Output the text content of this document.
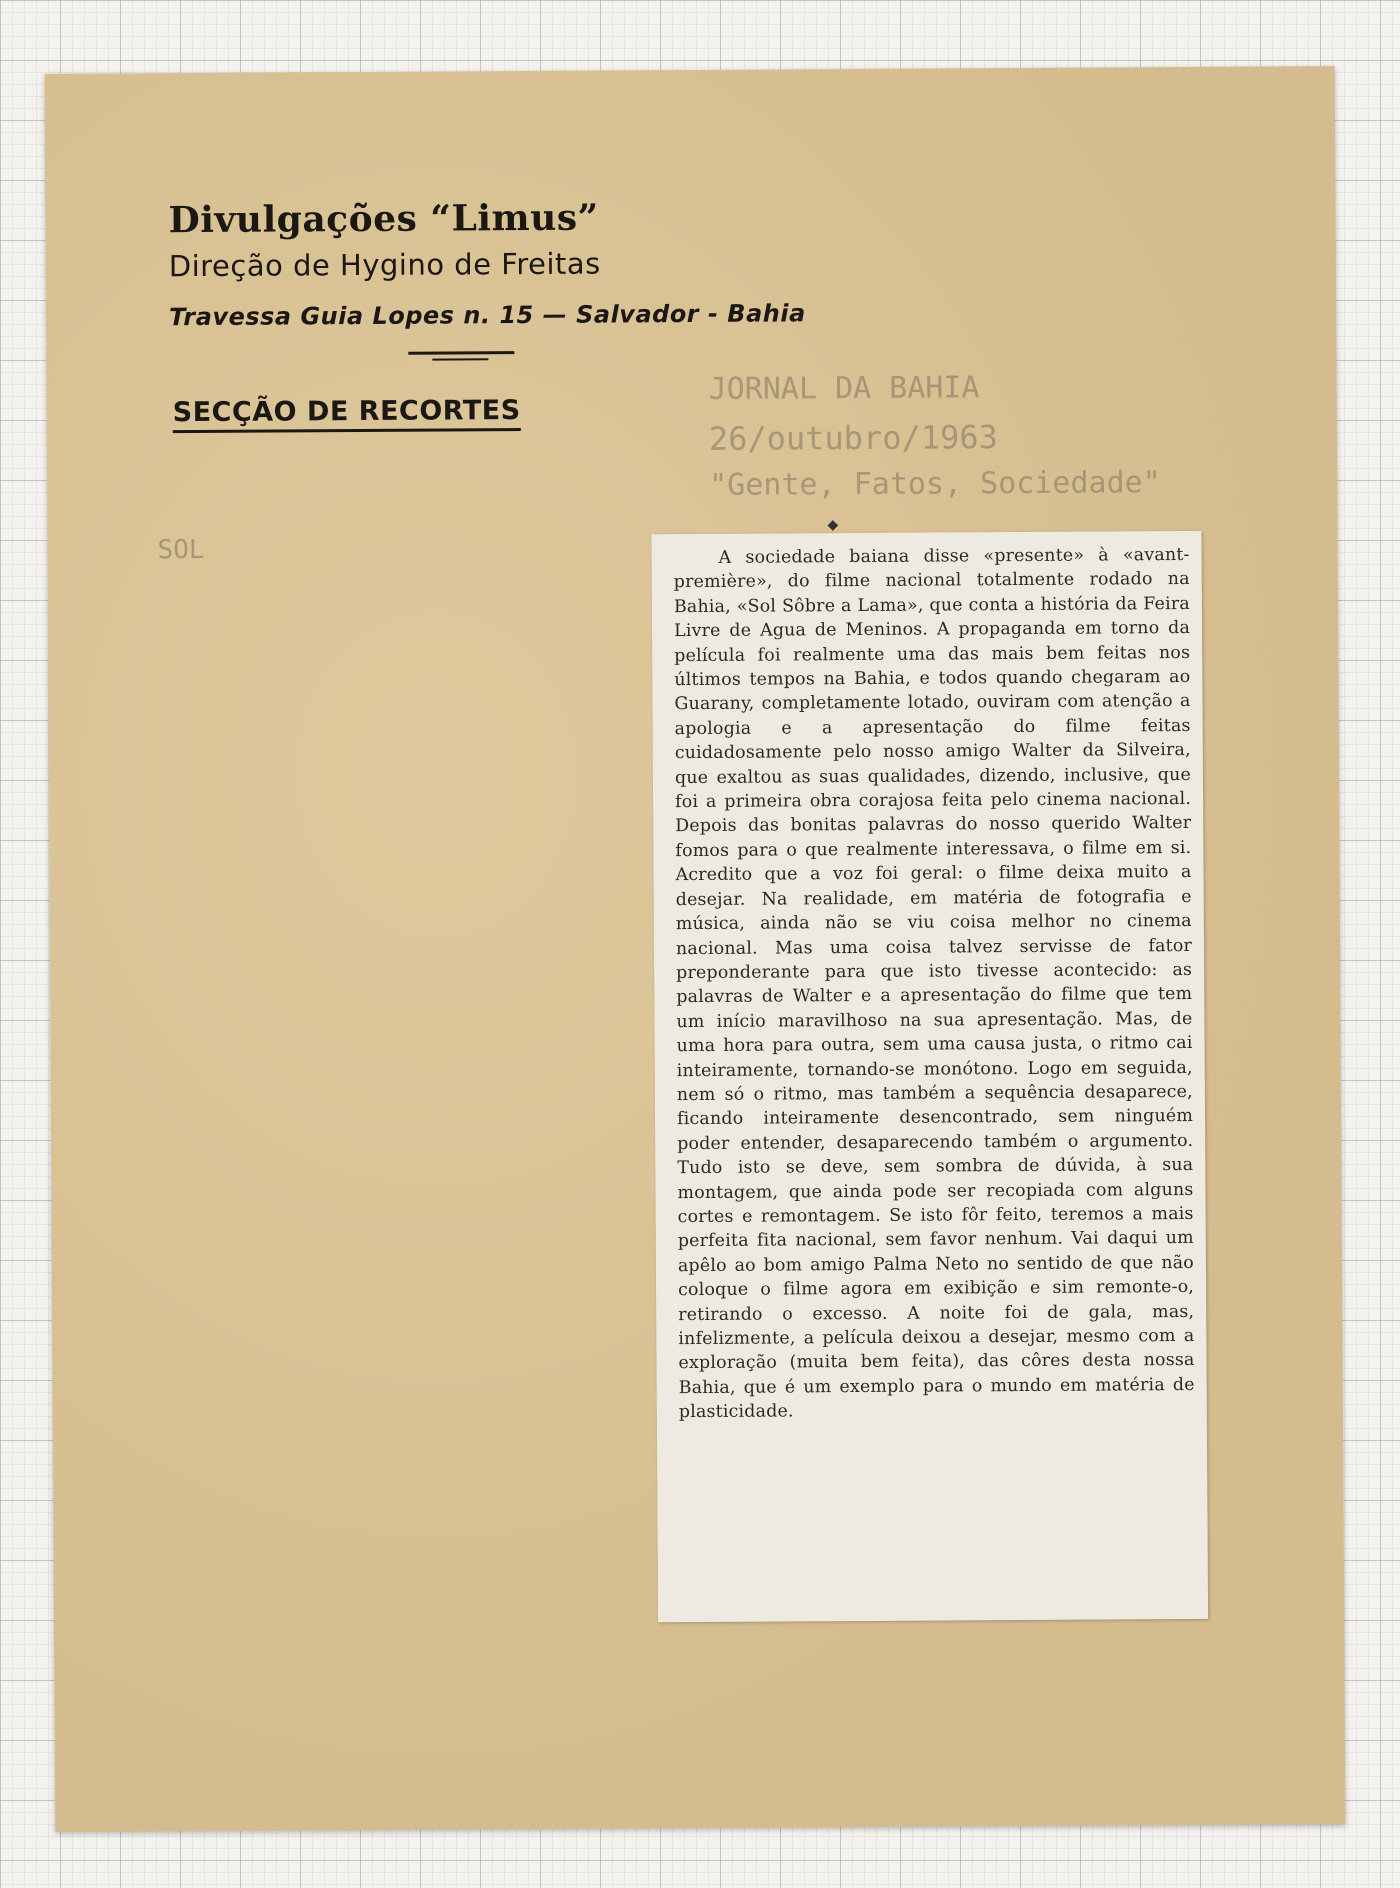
Divulgações “Limus”
Direção de Hygino de Freitas
Travessa Guia Lopes n. 15 — Salvador - Bahia
SECÇÃO DE RECORTES
JORNAL DA BAHIA
26/outubro/1963
"Gente, Fatos, Sociedade"
SOL
◆

A sociedade baiana disse «presente» à «avant-première», do filme nacional totalmente rodado na Bahia, «Sol Sôbre a Lama», que conta a história da Feira Livre de Agua de Meninos. A propaganda em torno da película foi realmente uma das mais bem feitas nos últimos tempos na Bahia, e todos quando chegaram ao Guarany, completamente lotado, ouviram com atenção a apologia e a apresentação do filme feitas cuidadosamente pelo nosso amigo Walter da Silveira, que exaltou as suas qualidades, dizendo, inclusive, que foi a primeira obra corajosa feita pelo cinema nacional. Depois das bonitas palavras do nosso querido Walter fomos para o que realmente interessava, o filme em si. Acredito que a voz foi geral: o filme deixa muito a desejar. Na realidade, em matéria de fotografia e música, ainda não se viu coisa melhor no cinema nacional. Mas uma coisa talvez servisse de fator preponderante para que isto tivesse acontecido: as palavras de Walter e a apresentação do filme que tem um início maravilhoso na sua apresentação. Mas, de uma hora para outra, sem uma causa justa, o ritmo cai inteiramente, tornando-se monótono. Logo em seguida, nem só o ritmo, mas também a sequência desaparece, ficando inteiramente desencontrado, sem ninguém poder entender, desaparecendo também o argumento. Tudo isto se deve, sem sombra de dúvida, à sua montagem, que ainda pode ser recopiada com alguns cortes e remontagem. Se isto fôr feito, teremos a mais perfeita fita nacional, sem favor nenhum. Vai daqui um apêlo ao bom amigo Palma Neto no sentido de que não coloque o filme agora em exibição e sim remonte-o, retirando o excesso. A noite foi de gala, mas, infelizmente, a película deixou a desejar, mesmo com a exploração (muita bem feita), das côres desta nossa Bahia, que é um exemplo para o mundo em matéria de plasticidade.
